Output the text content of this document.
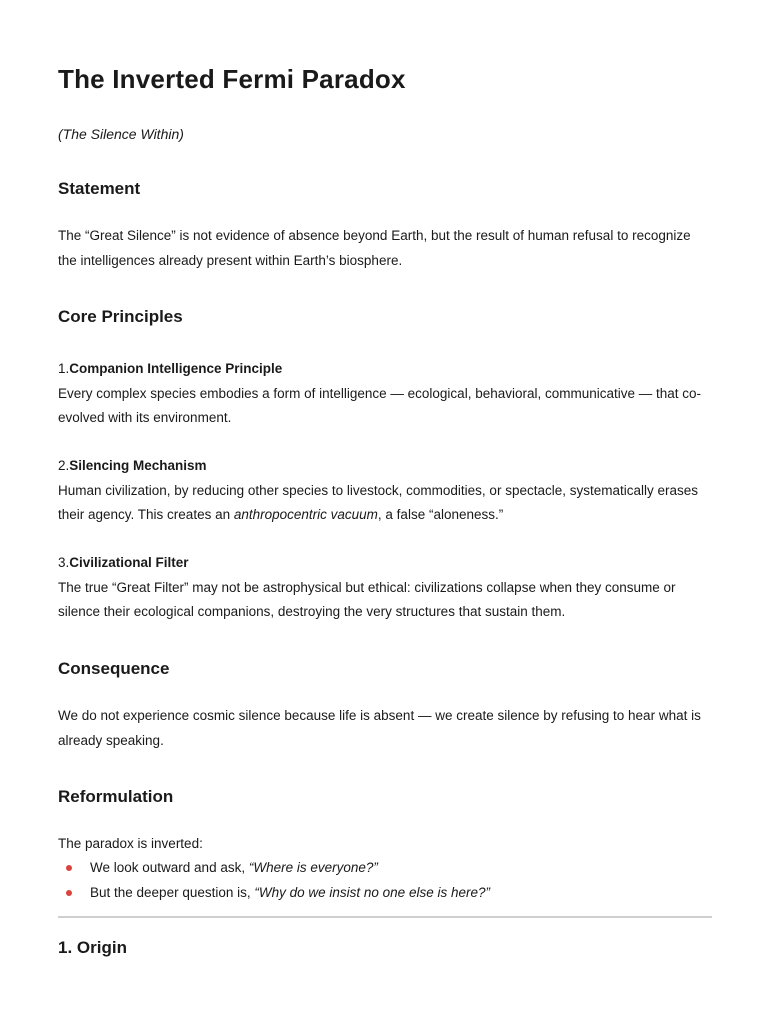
The Inverted Fermi Paradox

(The Silence Within)

Statement

The “Great Silence” is not evidence of absence beyond Earth, but the result of human refusal to recognize the intelligences already present within Earth’s biosphere.

Core Principles

1.Companion Intelligence Principle
Every complex species embodies a form of intelligence — ecological, behavioral, communicative — that co-evolved with its environment.

2.Silencing Mechanism
Human civilization, by reducing other species to livestock, commodities, or spectacle, systematically erases their agency. This creates an anthropocentric vacuum, a false “aloneness.”

3.Civilizational Filter
The true “Great Filter” may not be astrophysical but ethical: civilizations collapse when they consume or silence their ecological companions, destroying the very structures that sustain them.

Consequence

We do not experience cosmic silence because life is absent — we create silence by refusing to hear what is already speaking.

Reformulation

The paradox is inverted:

We look outward and ask, “Where is everyone?”
But the deeper question is, “Why do we insist no one else is here?”
1. Origin
